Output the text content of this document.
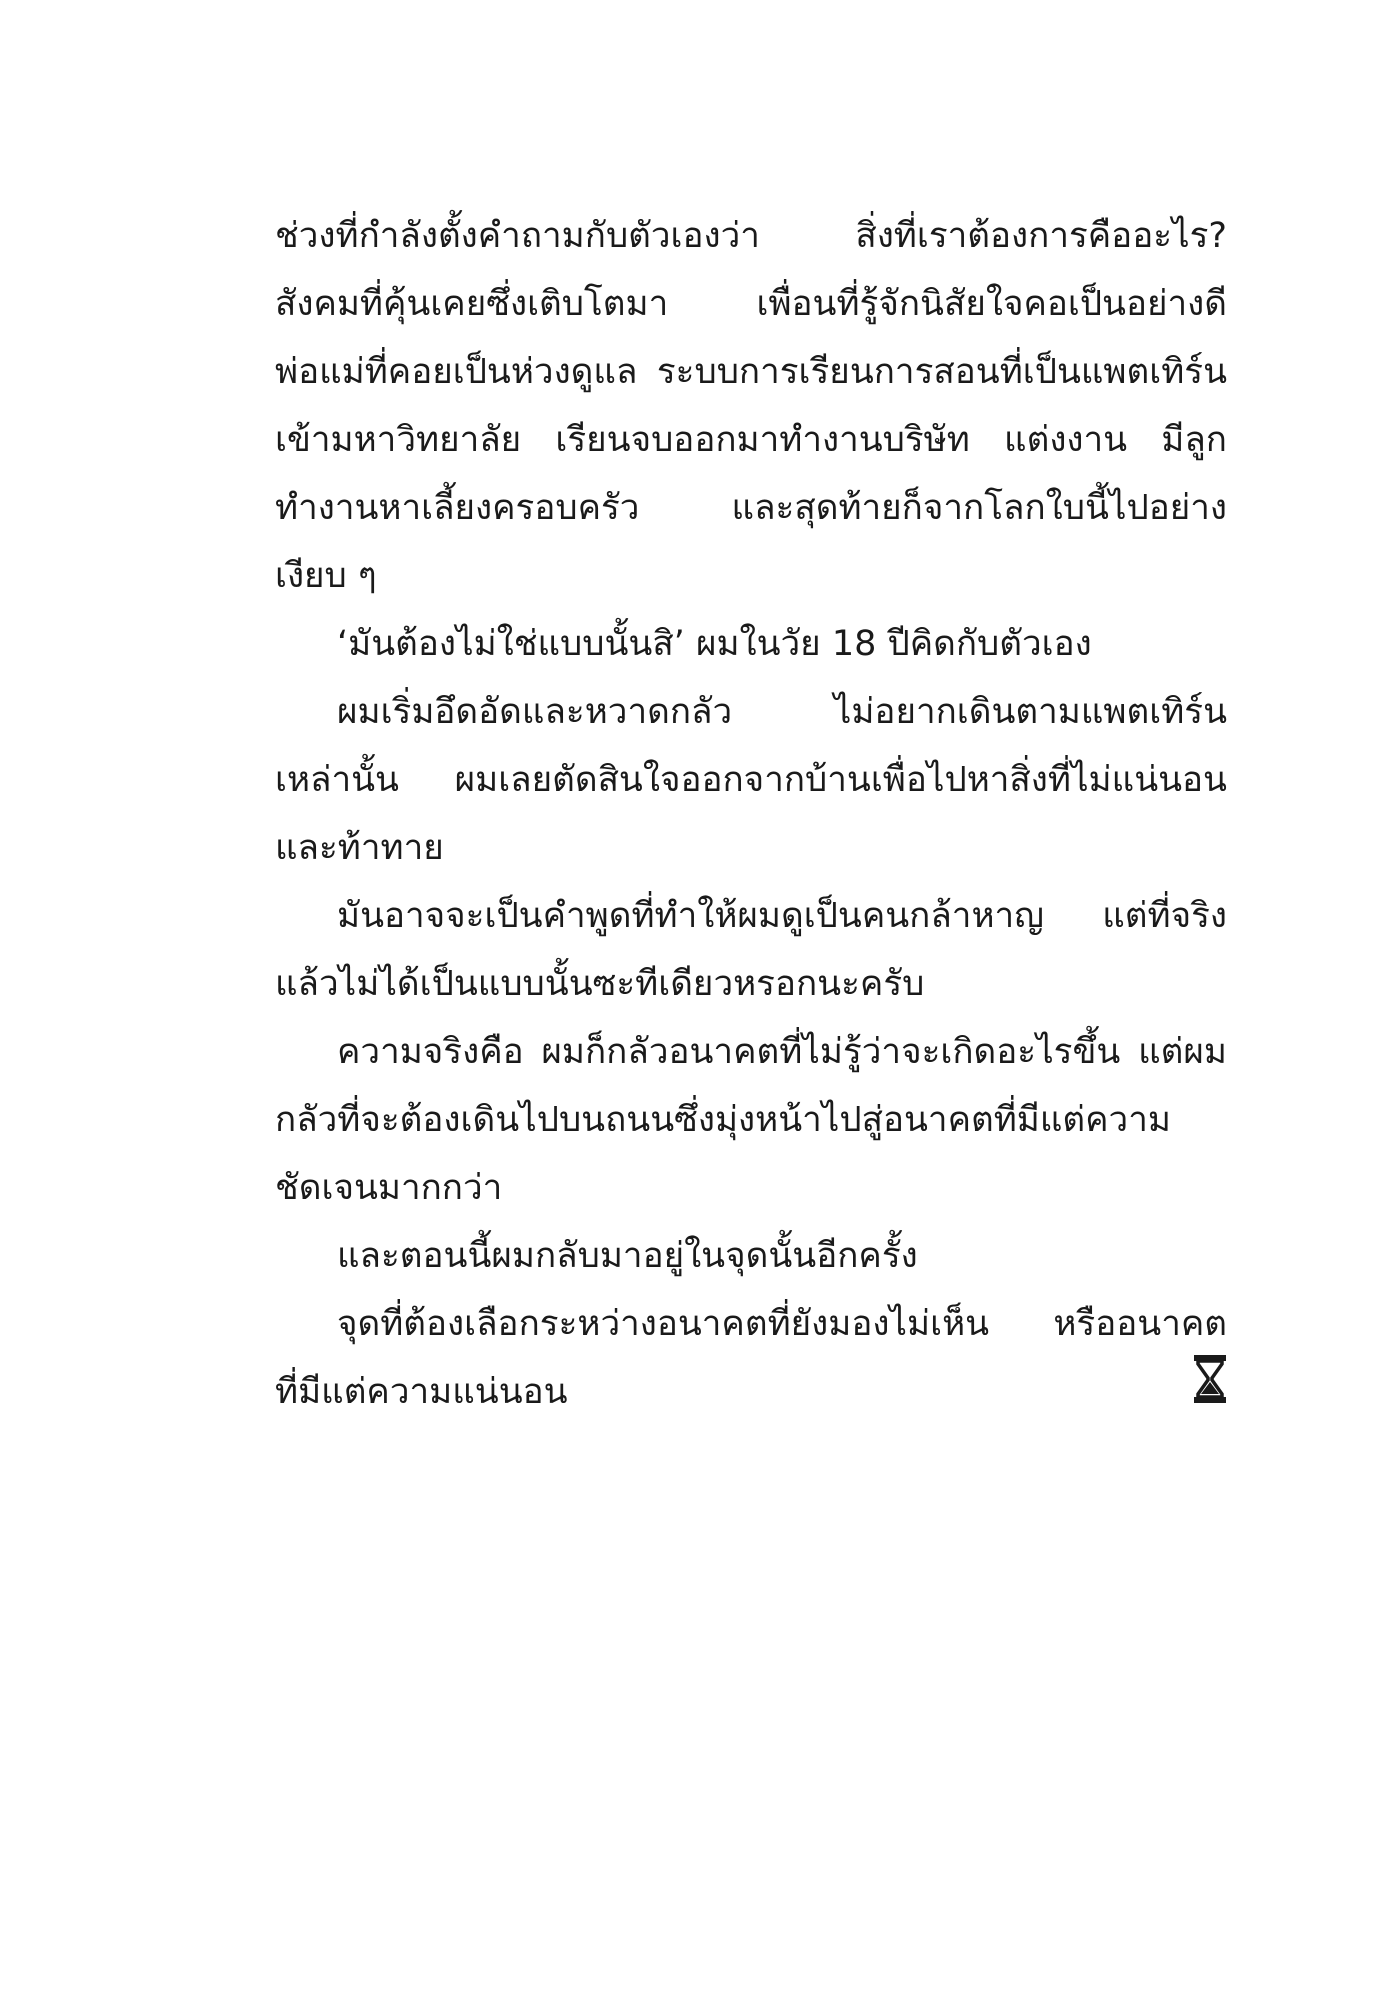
ช่วงที่กำลังตั้งคำถามกับตัวเองว่า สิ่งที่เราต้องการคืออะไร?
สังคมที่คุ้นเคยซึ่งเติบโตมา เพื่อนที่รู้จักนิสัยใจคอเป็นอย่างดี
พ่อแม่ที่คอยเป็นห่วงดูแล ระบบการเรียนการสอนที่เป็นแพตเทิร์น
เข้ามหาวิทยาลัย เรียนจบออกมาทำงานบริษัท แต่งงาน มีลูก
ทำงานหาเลี้ยงครอบครัว และสุดท้ายก็จากโลกใบนี้ไปอย่าง
เงียบ ๆ
‘มันต้องไม่ใช่แบบนั้นสิ’ ผมในวัย 18 ปีคิดกับตัวเอง
ผมเริ่มอึดอัดและหวาดกลัว ไม่อยากเดินตามแพตเทิร์น
เหล่านั้น ผมเลยตัดสินใจออกจากบ้านเพื่อไปหาสิ่งที่ไม่แน่นอน
และท้าทาย
มันอาจจะเป็นคำพูดที่ทำให้ผมดูเป็นคนกล้าหาญ แต่ที่จริง
แล้วไม่ได้เป็นแบบนั้นซะทีเดียวหรอกนะครับ
ความจริงคือ ผมก็กลัวอนาคตที่ไม่รู้ว่าจะเกิดอะไรขึ้น แต่ผม
กลัวที่จะต้องเดินไปบนถนนซึ่งมุ่งหน้าไปสู่อนาคตที่มีแต่ความ
ชัดเจนมากกว่า
และตอนนี้ผมกลับมาอยู่ในจุดนั้นอีกครั้ง
จุดที่ต้องเลือกระหว่างอนาคตที่ยังมองไม่เห็น หรืออนาคต
ที่มีแต่ความแน่นอน
